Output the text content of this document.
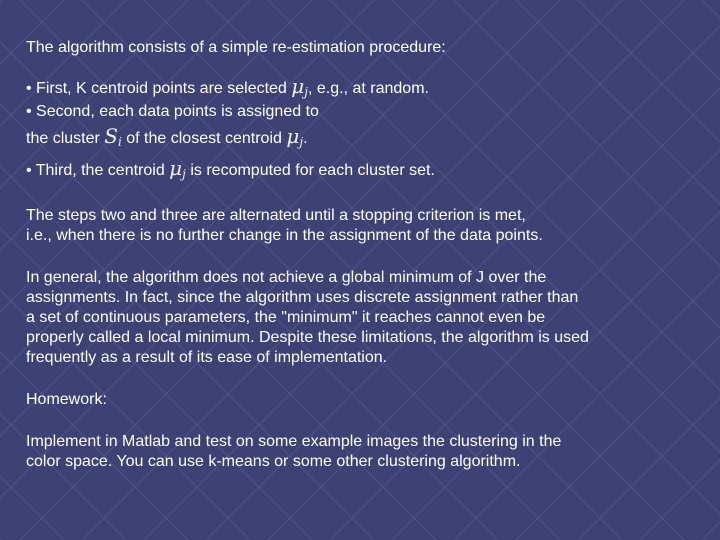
The algorithm consists of a simple re-estimation procedure:

• First, K centroid points are selected $\mu_j$, e.g., at random.

• Second, each data points is assigned to

the cluster $S_i$ of the closest centroid $\mu_j$.

• Third, the centroid $\mu_j$ is recomputed for each cluster set.

The steps two and three are alternated until a stopping criterion is met,

i.e., when there is no further change in the assignment of the data points.

In general, the algorithm does not achieve a global minimum of J over the

assignments. In fact, since the algorithm uses discrete assignment rather than

a set of continuous parameters, the "minimum" it reaches cannot even be

properly called a local minimum. Despite these limitations, the algorithm is used

frequently as a result of its ease of implementation.

Homework:

Implement in Matlab and test on some example images the clustering in the

color space. You can use k-means or some other clustering algorithm.
